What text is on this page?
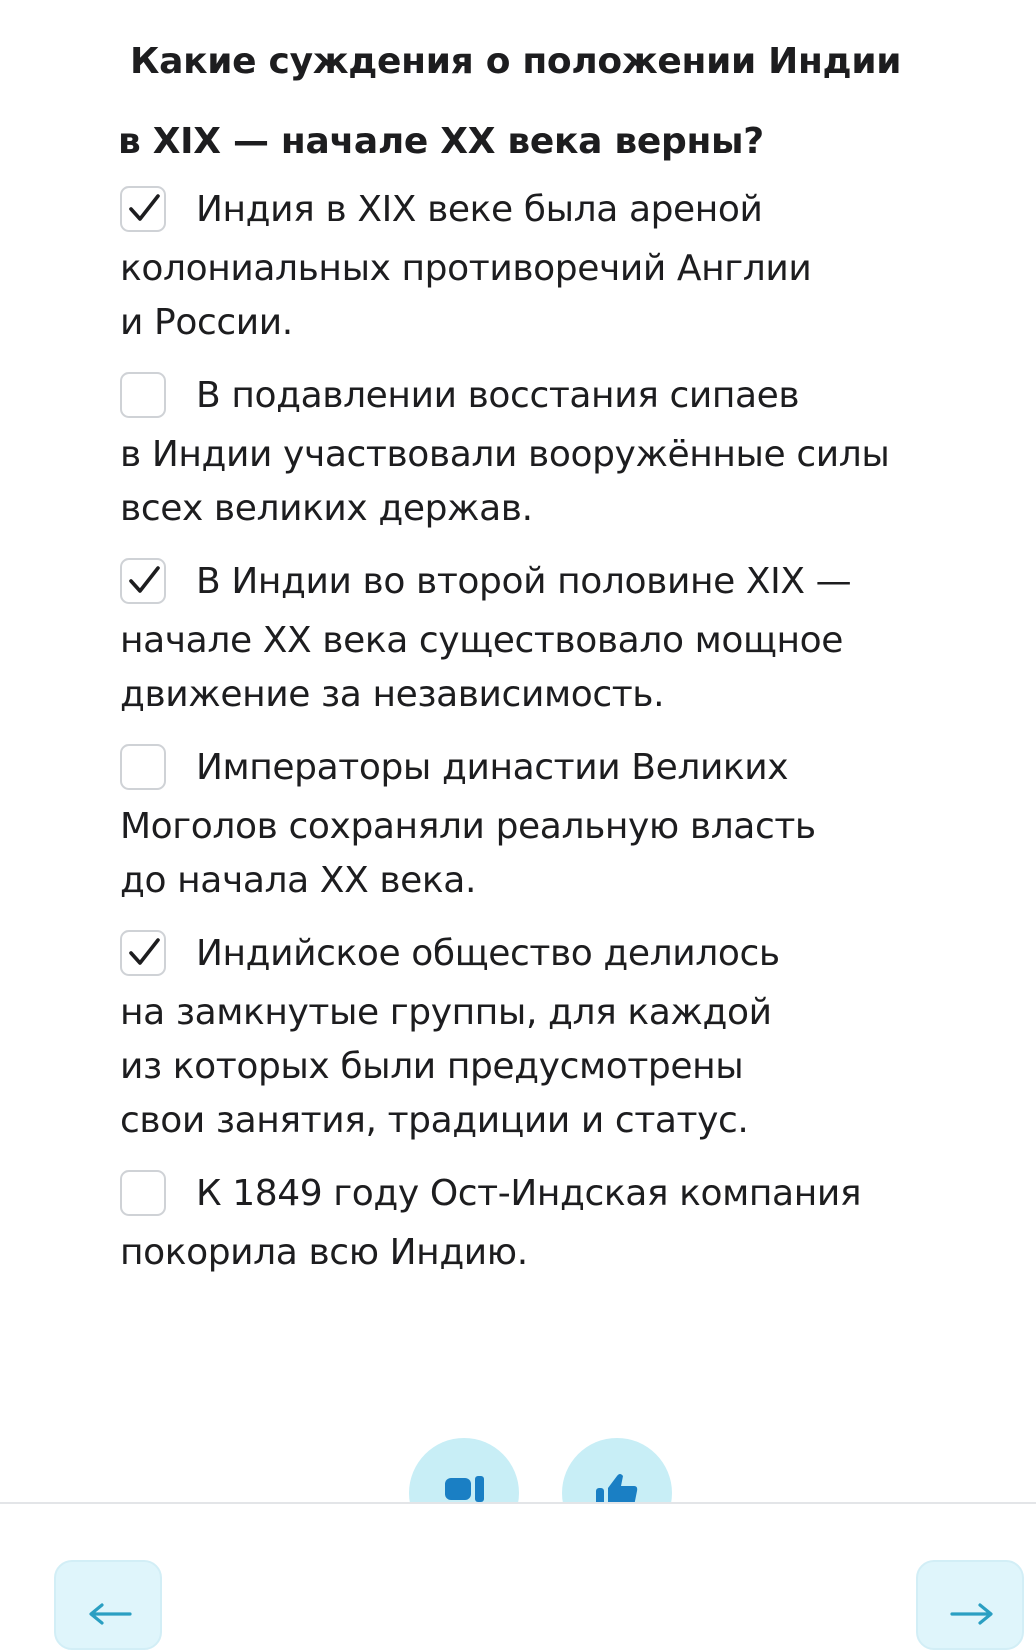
Какие суждения о положении Индии
в XIX — начале XX века верны?
Индия в XIX веке была ареной
колониальных противоречий Англии
и России.
В подавлении восстания сипаев
в Индии участвовали вооружённые силы
всех великих держав.
В Индии во второй половине XIX —
начале XX века существовало мощное
движение за независимость.
Императоры династии Великих
Моголов сохраняли реальную власть
до начала XX века.
Индийское общество делилось
на замкнутые группы, для каждой
из которых были предусмотрены
свои занятия, традиции и статус.
К 1849 году Ост-Индская компания
покорила всю Индию.
